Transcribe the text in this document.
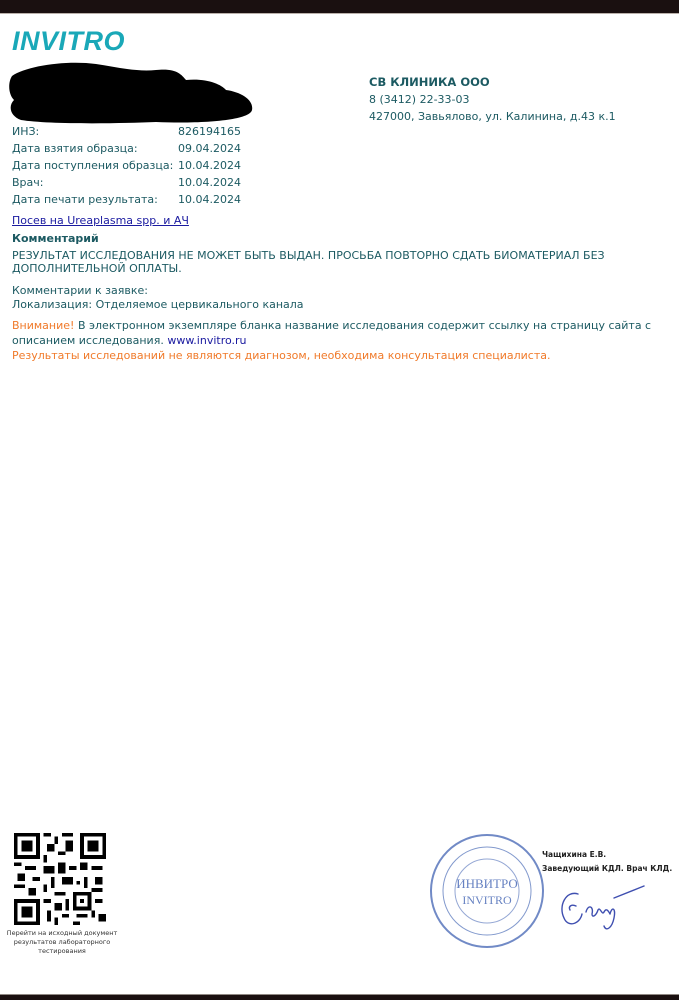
INVITRO
СВ КЛИНИКА ООО
8 (3412) 22-33-03
427000, Завьялово, ул. Калинина, д.43 к.1
ИНЗ:	826194165
Дата взятия образца:	09.04.2024
Дата поступления образца: 10.04.2024
Врач:	10.04.2024
Дата печати результата:	10.04.2024
Посев на Ureaplasma spp. и АЧ
Комментарий
РЕЗУЛЬТАТ ИССЛЕДОВАНИЯ НЕ МОЖЕТ БЫТЬ ВЫДАН. ПРОСЬБА ПОВТОРНО СДАТЬ БИОМАТЕРИАЛ БЕЗ ДОПОЛНИТЕЛЬНОЙ ОПЛАТЫ.
Комментарии к заявке:
Локализация: Отделяемое цервикального канала
Внимание! В электронном экземпляре бланка название исследования содержит ссылку на страницу сайта с описанием исследования. www.invitro.ru
Результаты исследований не являются диагнозом, необходима консультация специалиста.
Перейти на исходный документ результатов лабораторного тестирования
ИНВИТРО
INVITRO
Чащихина Е.В.
Заведующий КДЛ. Врач КЛД.
